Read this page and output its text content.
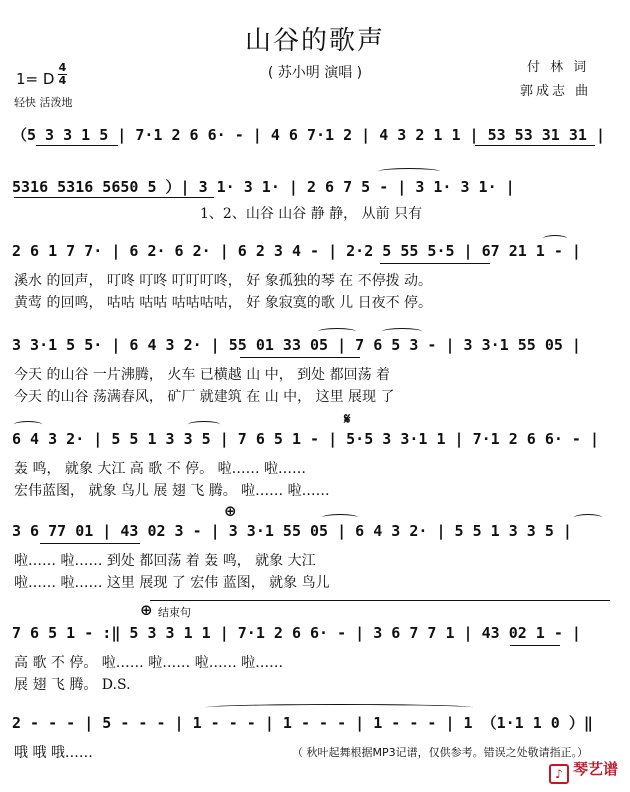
山谷的歌声
( 苏小明 演唱 )	付 林 词
郭成志 曲
1= D
4
4
轻快 活泼地
（5 3 3 1 5 | 7·1 2 6 6· - | 4 6 7·1 2 | 4 3 2 1 1 | 53 53 31 31 |
5316 5316 5650 5 ）| 3 1· 3 1· | 2 6 7 5 - | 3 1· 3 1· |
1、2、山谷 山谷 静 静， 从前 只有
2 6 1 7 7· | 6 2· 6 2· | 6 2 3 4 - | 2·2 5 55 5·5 | 67 21 1 - |
溪水 的回声， 叮咚 叮咚 叮叮叮咚， 好 象孤独的琴 在 不停拨 动。
黄莺 的回鸣， 咕咕 咕咕 咕咕咕咕， 好 象寂寞的歌 儿 日夜不 停。
3 3·1 5 5· | 6 4 3 2· | 55 01 33 05 | 7 6 5 3 - | 3 3·1 55 05 |
今天 的山谷 一片沸腾， 火车 已横越 山 中， 到处 都回荡 着
今天 的山谷 荡满春风， 矿厂 就建筑 在 山 中， 这里 展现 了
𝄋
6 4 3 2· | 5 5 1 3 3 5 | 7 6 5 1 - | 5·5 3 3·1 1 | 7·1 2 6 6· - |
轰 鸣， 就象 大江 高 歌 不 停。 啦…… 啦……
宏伟蓝图， 就象 鸟儿 展 翅 飞 腾。 啦…… 啦……
⊕
3 6 77 01 | 43 02 3 - | 3 3·1 55 05 | 6 4 3 2· | 5 5 1 3 3 5 |
啦…… 啦…… 到处 都回荡 着 轰 鸣， 就象 大江
啦…… 啦…… 这里 展现 了 宏伟 蓝图， 就象 鸟儿
⊕ 结束句
7 6 5 1 - :‖ 5 3 3 1 1 | 7·1 2 6 6· - | 3 6 7 7 1 | 43 02 1 - |
高 歌 不 停。 啦…… 啦…… 啦…… 啦……
展 翅 飞 腾。 D.S.
2 - - - | 5 - - - | 1 - - - | 1 - - - | 1 - - - | 1 （1·1 1 0 ）‖
哦 哦 哦……	（ 秋叶起舞根据MP3记谱，仅供参考。错误之处敬请指正。）
♪ 琴艺谱
